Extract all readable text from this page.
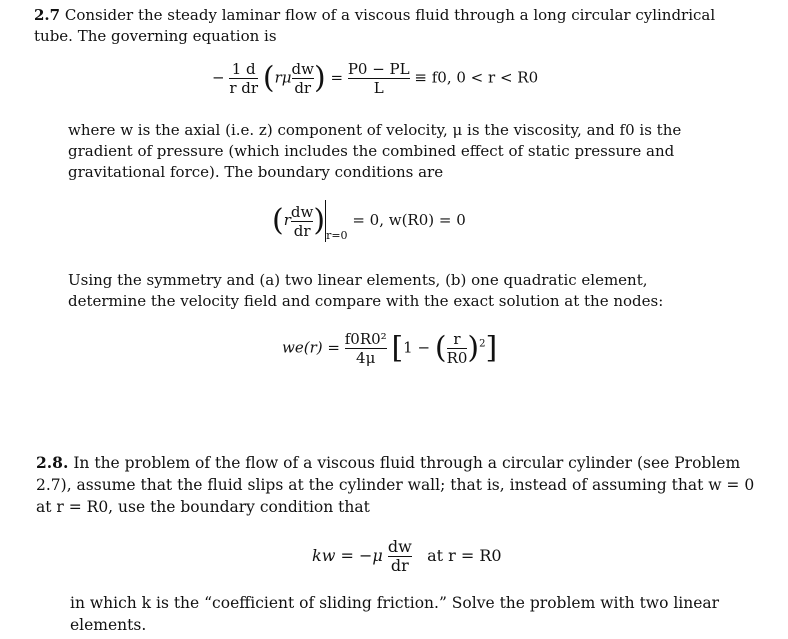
2.7 Consider the steady laminar flow of a viscous fluid through a long circular cylindrical tube. The governing equation is

− $\frac{1 d}{\text{r dr}} (r\mu \frac{dw}{dr}$ ) = $\frac{P0 - PL}{L} \equiv f0$, 0 < r < R0

where w is the axial (i.e. z) component of velocity, μ is the viscosity, and f0 is the gradient of pressure (which includes the combined effect of static pressure and gravitational force). The boundary conditions are

$(r \frac{dw}{dr} )_{r=0} = 0$, w(R0) = 0

Using the symmetry and (a) two linear elements, (b) one quadratic element, determine the velocity field and compare with the exact solution at the nodes:

$we(r) = \frac{\text{f0R0²}}{4\mu} [1$ − ( $\frac{r}{R0} )^2$]

2.8. In the problem of the flow of a viscous fluid through a circular cylinder (see Problem 2.7), assume that the fluid slips at the cylinder wall; that is, instead of assuming that w = 0 at r = R0, use the boundary condition that

kw = $-\mu \frac{dw}{dr}$ at r = R0

in which k is the “coefficient of sliding friction.” Solve the problem with two linear elements.
